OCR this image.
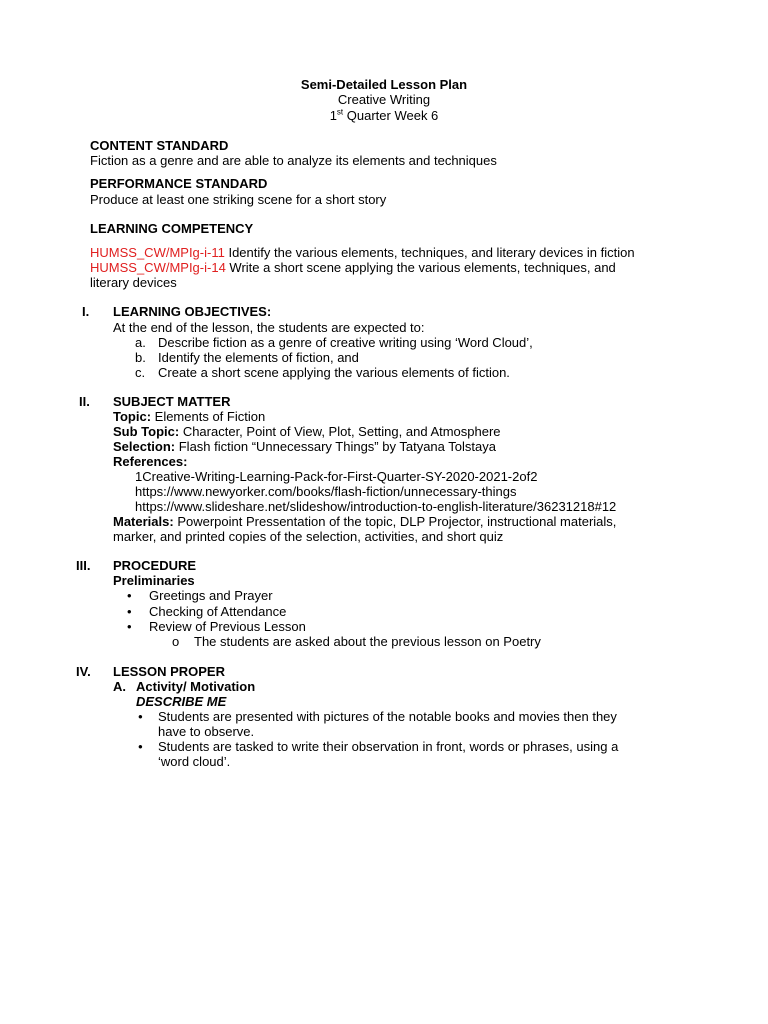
Semi-Detailed Lesson Plan
Creative Writing
1st Quarter Week 6
CONTENT STANDARD
Fiction as a genre and are able to analyze its elements and techniques
PERFORMANCE STANDARD
Produce at least one striking scene for a short story
LEARNING COMPETENCY
HUMSS_CW/MPIg-i-11 Identify the various elements, techniques, and literary devices in fiction
HUMSS_CW/MPIg-i-14 Write a short scene applying the various elements, techniques, and
literary devices
I. LEARNING OBJECTIVES:
At the end of the lesson, the students are expected to:
a. Describe fiction as a genre of creative writing using ‘Word Cloud’,
b. Identify the elements of fiction, and
c. Create a short scene applying the various elements of fiction.
II. SUBJECT MATTER
Topic: Elements of Fiction
Sub Topic: Character, Point of View, Plot, Setting, and Atmosphere
Selection: Flash fiction “Unnecessary Things” by Tatyana Tolstaya
References:
1Creative-Writing-Learning-Pack-for-First-Quarter-SY-2020-2021-2of2
https://www.newyorker.com/books/flash-fiction/unnecessary-things
https://www.slideshare.net/slideshow/introduction-to-english-literature/36231218#12
Materials: Powerpoint Pressentation of the topic, DLP Projector, instructional materials,
marker, and printed copies of the selection, activities, and short quiz
III. PROCEDURE
Preliminaries
• Greetings and Prayer
• Checking of Attendance
• Review of Previous Lesson
o The students are asked about the previous lesson on Poetry
IV. LESSON PROPER
A. Activity/ Motivation
DESCRIBE ME
• Students are presented with pictures of the notable books and movies then they
have to observe.
• Students are tasked to write their observation in front, words or phrases, using a
‘word cloud’.
